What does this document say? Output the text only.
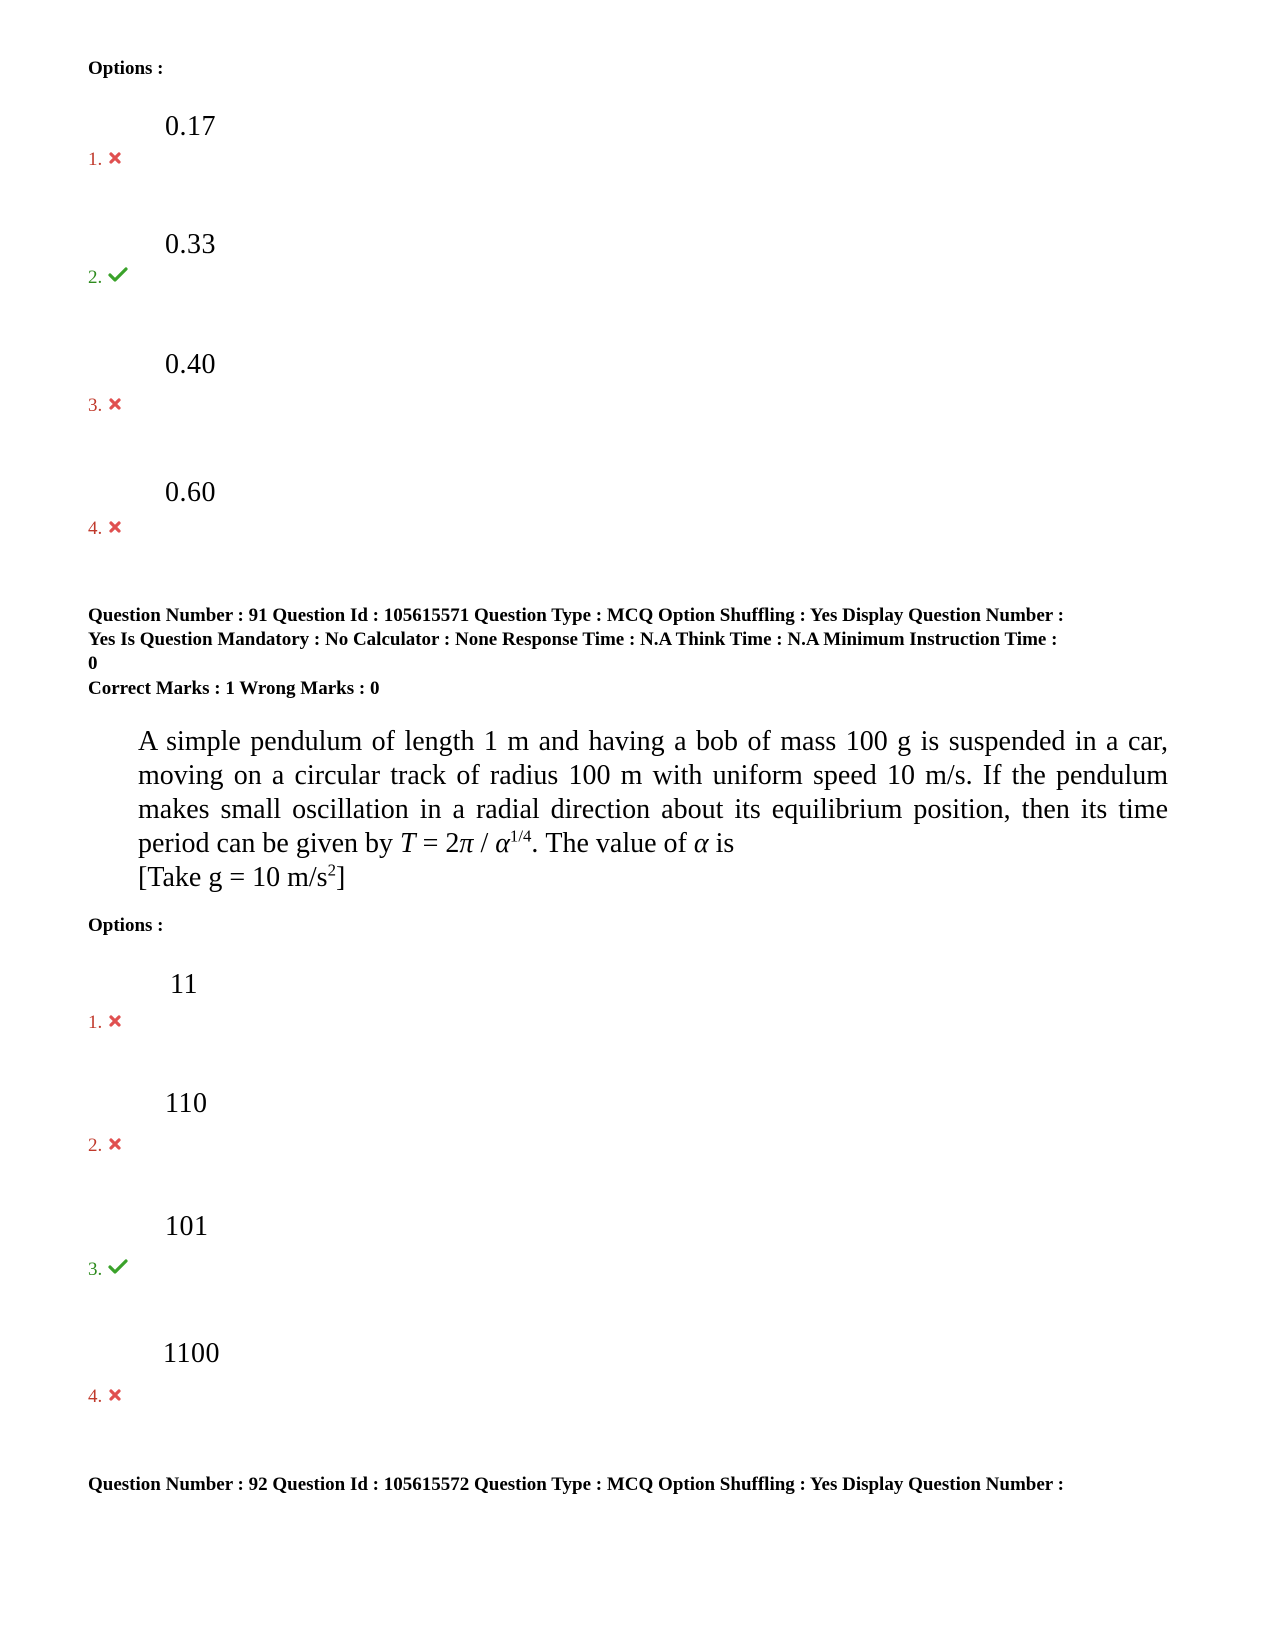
Options :
0.17
1.
0.33
2.
0.40
3.
0.60
4.
Question Number : 91 Question Id : 105615571 Question Type : MCQ Option Shuffling : Yes Display Question Number :
Yes Is Question Mandatory : No Calculator : None Response Time : N.A Think Time : N.A Minimum Instruction Time :
0
Correct Marks : 1 Wrong Marks : 0
A simple pendulum of length 1 m and having a bob of mass 100 g is suspended in a car, moving on a circular track of radius 100 m with uniform speed 10 m/s. If the pendulum makes small oscillation in a radial direction about its equilibrium position, then its time period can be given by $T = 2\pi / \alpha^{1/4}$. The value of α is
[Take g = 10 $m/s^2$]
Options :
11
1.
110
2.
101
3.
1100
4.
Question Number : 92 Question Id : 105615572 Question Type : MCQ Option Shuffling : Yes Display Question Number :
